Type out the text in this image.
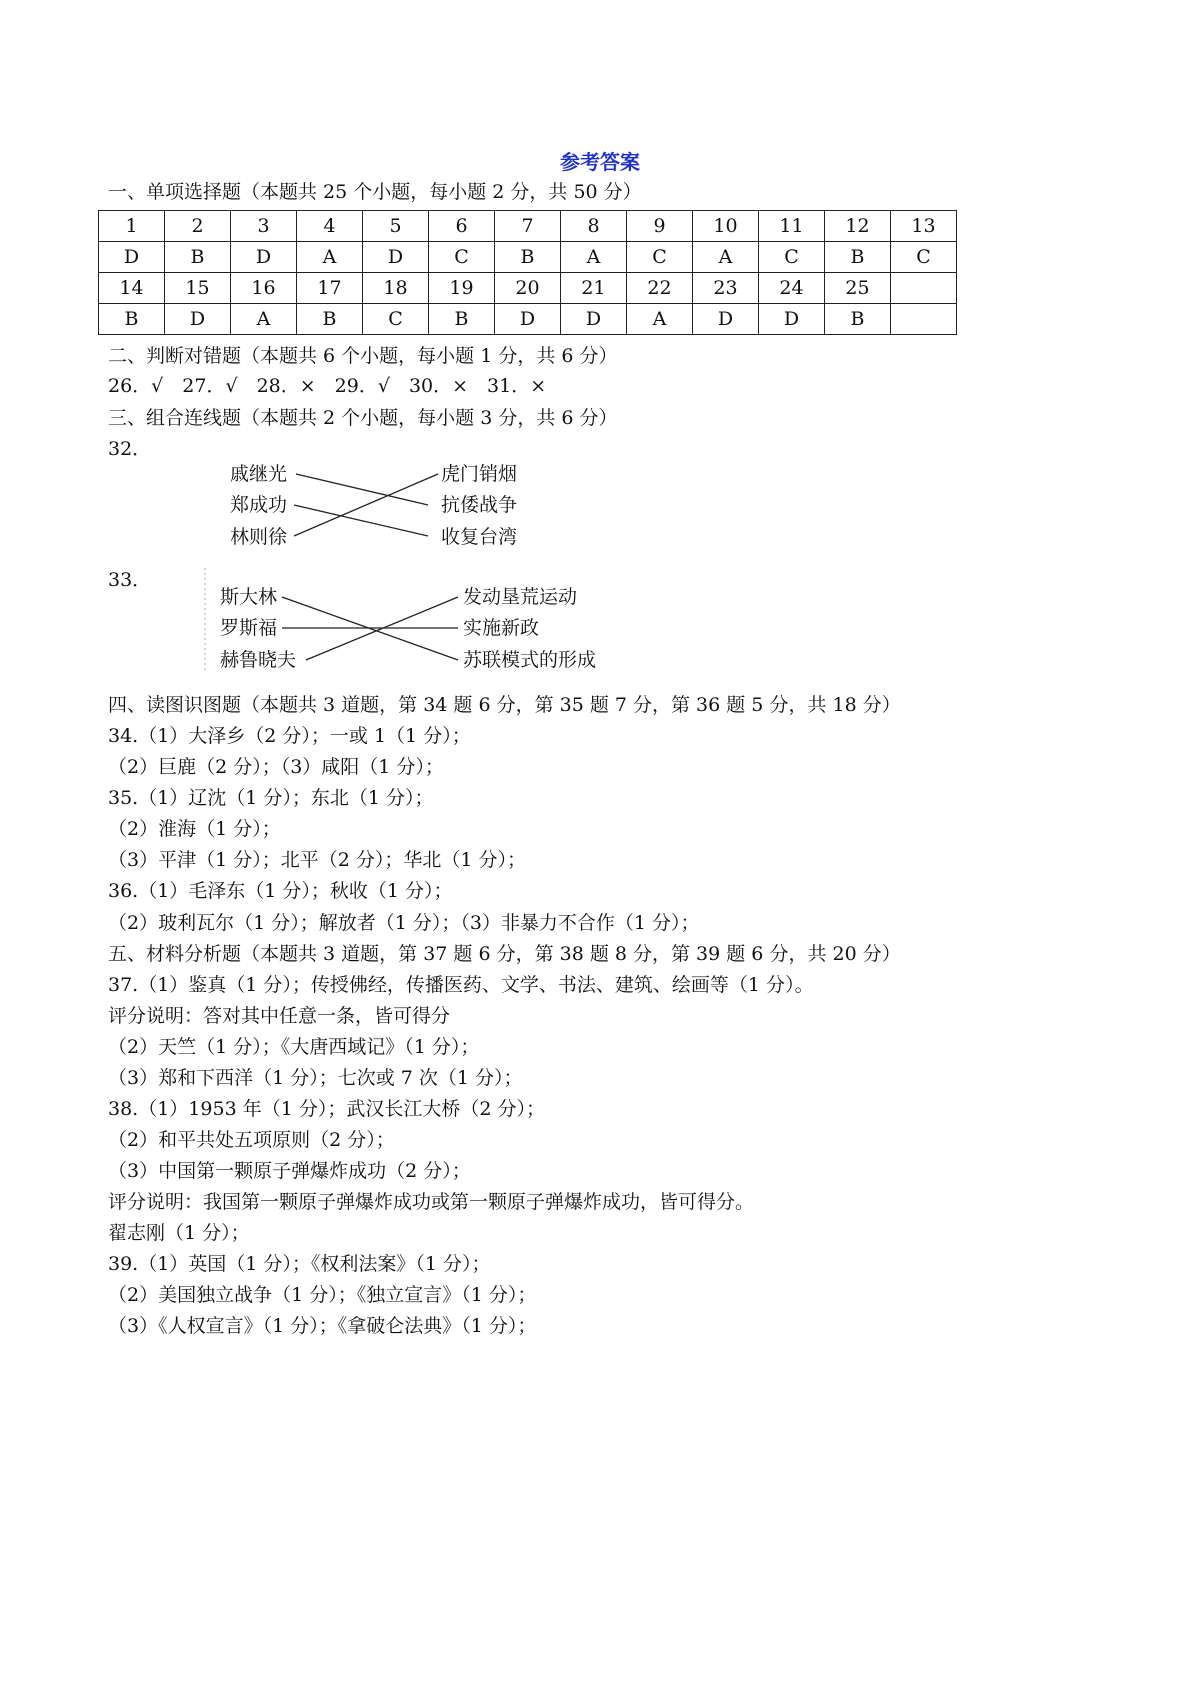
参考答案
一、单项选择题（本题共 25 个小题，每小题 2 分，共 50 分）
1	2	3	4	5	6	7	8	9	10	11	12	13
D	B	D	A	D	C	B	A	C	A	C	B	C
14	15	16	17	18	19	20	21	22	23	24	25	
B	D	A	B	C	B	D	D	A	D	D	B	
二、判断对错题（本题共 6 个小题，每小题 1 分，共 6 分）
26．√　27．√　28．×　29．√　30．×　31．×
三、组合连线题（本题共 2 个小题，每小题 3 分，共 6 分）
32．
戚继光
郑成功
林则徐
虎门销烟
抗倭战争
收复台湾
33．
斯大林
罗斯福
赫鲁晓夫
发动垦荒运动
实施新政
苏联模式的形成
四、读图识图题（本题共 3 道题，第 34 题 6 分，第 35 题 7 分，第 36 题 5 分，共 18 分）
34.（1）大泽乡（2 分）；一或 1（1 分）；
（2）巨鹿（2 分）；（3）咸阳（1 分）；
35.（1）辽沈（1 分）；东北（1 分）；
（2）淮海（1 分）；
（3）平津（1 分）；北平（2 分）；华北（1 分）；
36.（1）毛泽东（1 分）；秋收（1 分）；
（2）玻利瓦尔（1 分）；解放者（1 分）；（3）非暴力不合作（1 分）；
五、材料分析题（本题共 3 道题，第 37 题 6 分，第 38 题 8 分，第 39 题 6 分，共 20 分）
37.（1）鉴真（1 分）；传授佛经，传播医药、文学、书法、建筑、绘画等（1 分）。
评分说明：答对其中任意一条，皆可得分
（2）天竺（1 分）；《大唐西域记》（1 分）；
（3）郑和下西洋（1 分）；七次或 7 次（1 分）；
38.（1）1953 年（1 分）；武汉长江大桥（2 分）；
（2）和平共处五项原则（2 分）；
（3）中国第一颗原子弹爆炸成功（2 分）；
评分说明：我国第一颗原子弹爆炸成功或第一颗原子弹爆炸成功，皆可得分。
翟志刚（1 分）；
39.（1）英国（1 分）；《权利法案》（1 分）；
（2）美国独立战争（1 分）；《独立宣言》（1 分）；
（3）《人权宣言》（1 分）；《拿破仑法典》（1 分）；
